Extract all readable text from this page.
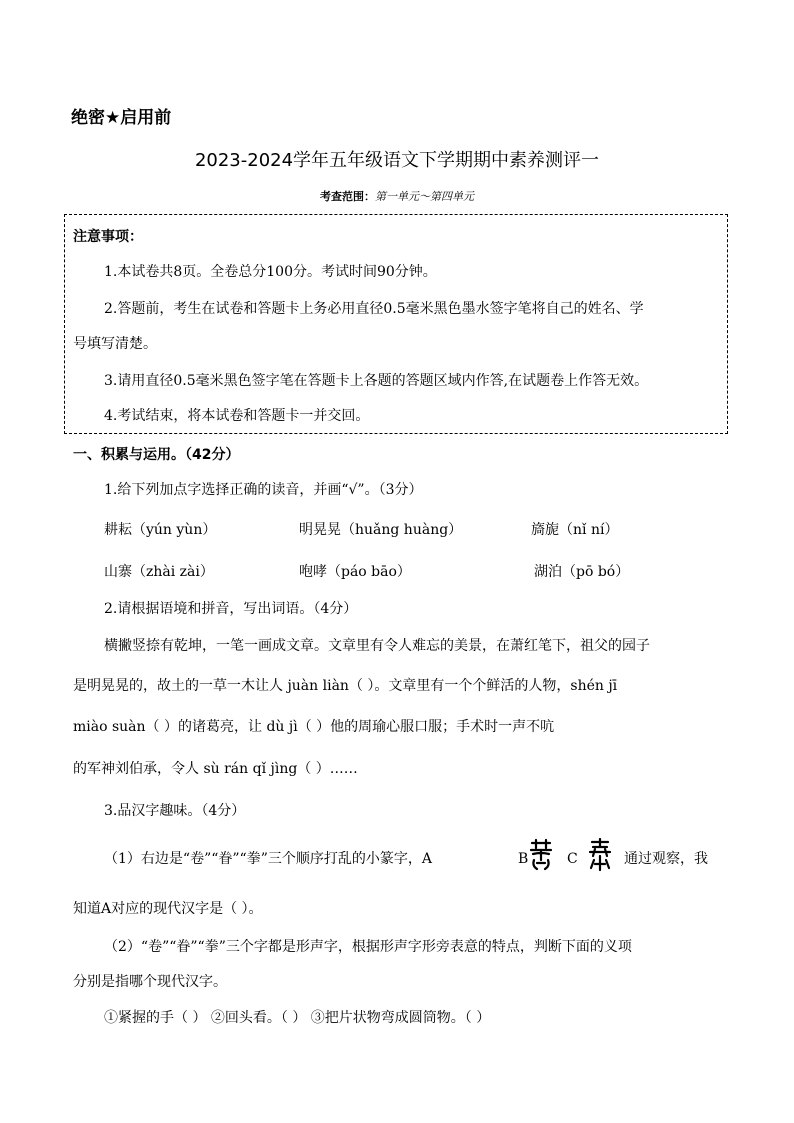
绝密★启用前
2023-2024学年五年级语文下学期期中素养测评一
考查范围：第一单元～第四单元
注意事项：
1.本试卷共8页。全卷总分100分。考试时间90分钟。
2.答题前，考生在试卷和答题卡上务必用直径0.5毫米黑色墨水签字笔将自己的姓名、学
号填写清楚。
3.请用直径0.5毫米黑色签字笔在答题卡上各题的答题区域内作答,在试题卷上作答无效。
4.考试结束，将本试卷和答题卡一并交回。
一、积累与运用。（42分）
1.给下列加点字选择正确的读音，并画“√”。（3分）
耕耘（yún yùn）	明晃晃（huǎng huàng）	旖旎（nǐ ní）
山寨（zhài zài）	咆哮（páo bāo）	湖泊（pō bó）
2.请根据语境和拼音，写出词语。（4分）
横撇竖捺有乾坤，一笔一画成文章。文章里有令人难忘的美景，在萧红笔下，祖父的园子
是明晃晃的，故土的一草一木让人 juàn liàn（ ）。文章里有一个个鲜活的人物，shén jī
miào suàn（ ）的诸葛亮，让 dù jì（ ）他的周瑜心服口服；手术时一声不吭
的军神刘伯承，令人 sù rán qǐ jìng（ ）……
3.品汉字趣味。（4分）
（1）右边是“卷”“眷”“拳”三个顺序打乱的小篆字，A	B	C	通过观察，我
知道A对应的现代汉字是（ ）。
（2）“卷”“眷”“拳”三个字都是形声字，根据形声字形旁表意的特点，判断下面的义项
分别是指哪个现代汉字。
①紧握的手（ ） ②回头看。（ ） ③把片状物弯成圆筒物。（ ）
